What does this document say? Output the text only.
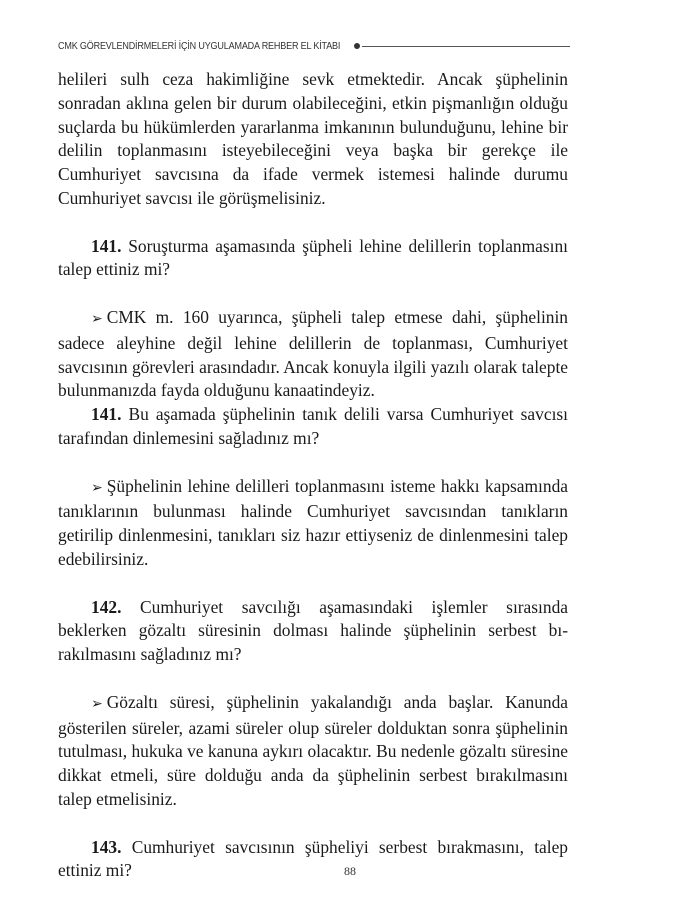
CMK GÖREVLENDİRMELERİ İÇİN UYGULAMADA REHBER EL KİTABI

helileri sulh ceza hakimliğine sevk etmektedir. Ancak şüphelinin sonradan aklına gelen bir durum olabileceğini, etkin pişmanlığın olduğu suçlarda bu hükümlerden yararlanma imkanının bulunduğunu, lehine bir delilin toplanmasını isteyebileceğini veya başka bir gerekçe ile Cumhuriyet savcısına da ifade vermek istemesi halinde durumu Cumhuriyet savcısı ile görüşmelisiniz.

141. Soruşturma aşamasında şüpheli lehine delillerin toplanmasını talep ettiniz mi?

➢ CMK m. 160 uyarınca, şüpheli talep etmese dahi, şüphelinin sadece aleyhine değil lehine delillerin de toplanması, Cumhuriyet savcısının görevleri arasındadır. Ancak konuyla ilgili yazılı olarak talepte bulunmanızda fayda olduğunu kanaatindeyiz.

141. Bu aşamada şüphelinin tanık delili varsa Cumhuriyet savcısı tarafından dinlemesini sağladınız mı?

➢ Şüphelinin lehine delilleri toplanmasını isteme hakkı kapsamında tanıklarının bulunması halinde Cumhuriyet savcısından tanıkların getirilip dinlenmesini, tanıkları siz hazır ettiyseniz de dinlenmesini talep edebilirsiniz.

142. Cumhuriyet savcılığı aşamasındaki işlemler sırasında beklerken gözaltı süresinin dolması halinde şüphelinin serbest bırakılmasını sağladınız mı?

➢ Gözaltı süresi, şüphelinin yakalandığı anda başlar. Kanunda gösterilen süreler, azami süreler olup süreler dolduktan sonra şüphelinin tutulması, hukuka ve kanuna aykırı olacaktır. Bu nedenle gözaltı süresine dikkat etmeli, süre dolduğu anda da şüphelinin serbest bırakılmasını talep etmelisiniz.

143. Cumhuriyet savcısının şüpheliyi serbest bırakmasını, talep ettiniz mi?	88
